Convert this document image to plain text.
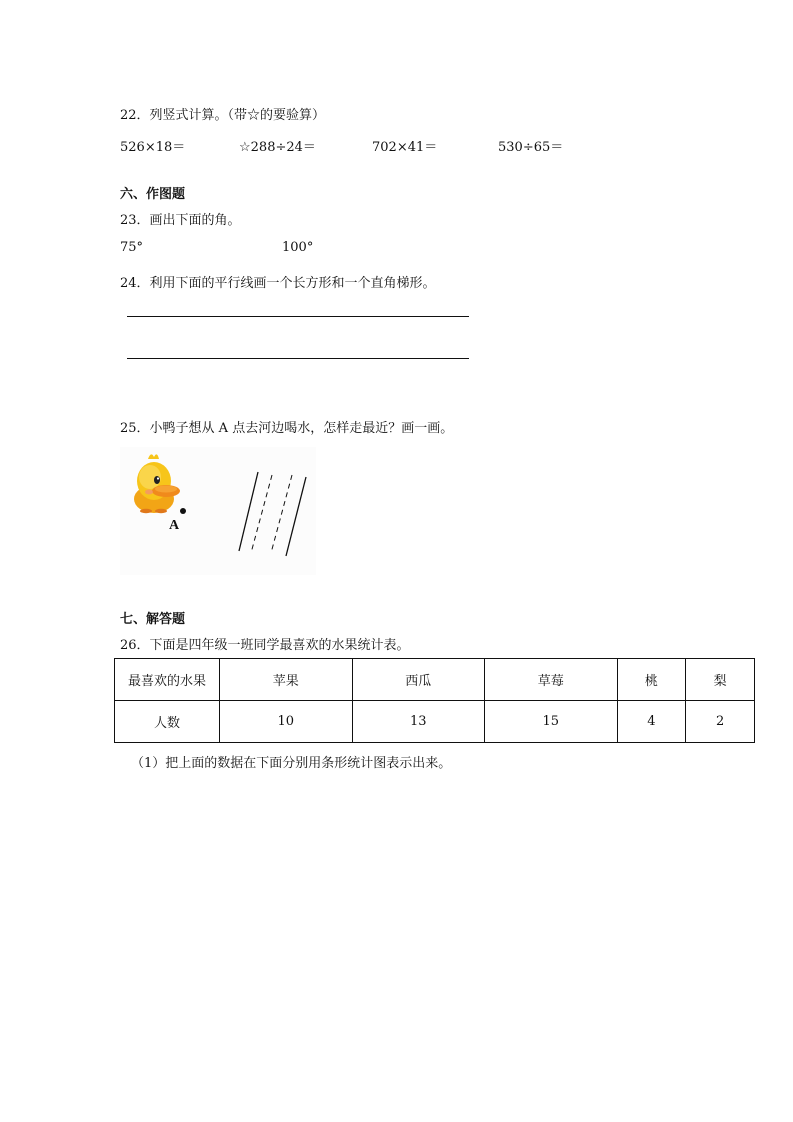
22．列竖式计算。（带☆的要验算）
526×18＝	☆288÷24＝	702×41＝	530÷65＝
六、作图题
23．画出下面的角。
75°	100°
24．利用下面的平行线画一个长方形和一个直角梯形。
25．小鸭子想从 A 点去河边喝水，怎样走最近？画一画。
A
七、解答题
26．下面是四年级一班同学最喜欢的水果统计表。
最喜欢的水果	苹果	西瓜	草莓	桃	梨
人数	10	13	15	4	2
（1）把上面的数据在下面分别用条形统计图表示出来。
